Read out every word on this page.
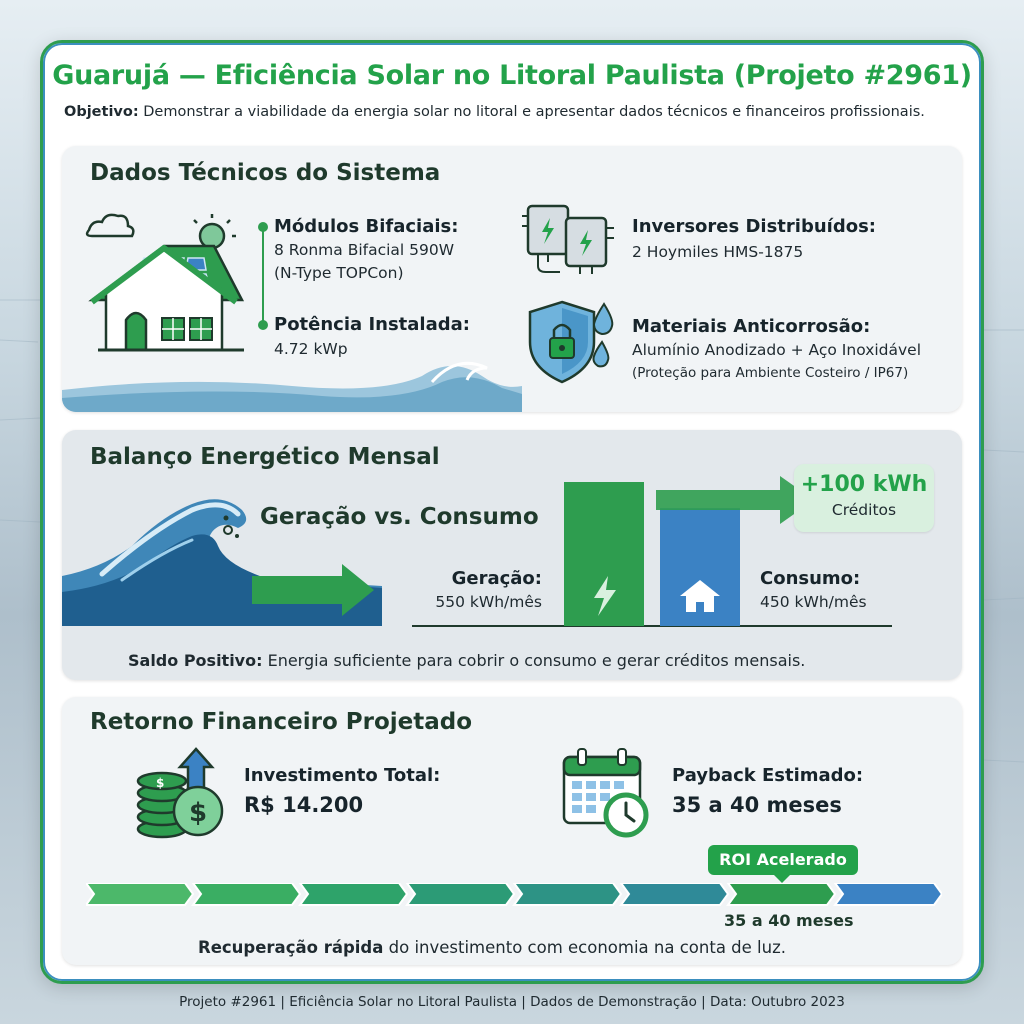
Guarujá — Eficiência Solar no Litoral Paulista (Projeto #2961)
Objetivo: Demonstrar a viabilidade da energia solar no litoral e apresentar dados técnicos e financeiros profissionais.
Dados Técnicos do Sistema
Módulos Bifaciais:
8 Ronma Bifacial 590W
(N-Type TOPCon)
Potência Instalada:
4.72 kWp
Inversores Distribuídos:
2 Hoymiles HMS-1875
Materiais Anticorrosão:
Alumínio Anodizado + Aço Inoxidável
(Proteção para Ambiente Costeiro / IP67)
Balanço Energético Mensal
Geração vs. Consumo
Geração:
550 kWh/mês
Consumo:
450 kWh/mês
+100 kWh
Créditos
Saldo Positivo: Energia suficiente para cobrir o consumo e gerar créditos mensais.
Retorno Financeiro Projetado
$
$
Investimento Total:
R$ 14.200
Payback Estimado:
35 a 40 meses
ROI Acelerado
35 a 40 meses
Recuperação rápida do investimento com economia na conta de luz.
Projeto #2961 | Eficiência Solar no Litoral Paulista | Dados de Demonstração | Data: Outubro 2023
